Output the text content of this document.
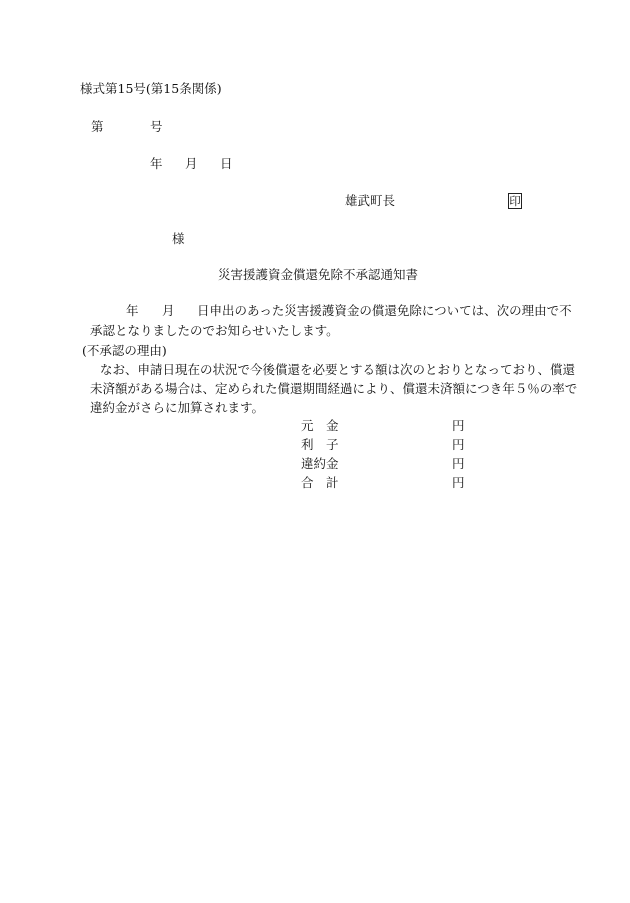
様式第15号(第15条関係)
第	号
年 月 日
雄武町長	印
様
災害援護資金償還免除不承認通知書
年 月 日申出のあった災害援護資金の償還免除については、次の理由で不
承認となりましたのでお知らせいたします。
(不承認の理由)
なお、申請日現在の状況で今後償還を必要とする額は次のとおりとなっており、償還
未済額がある場合は、定められた償還期間経過により、償還未済額につき年５％の率で
違約金がさらに加算されます。
元　金	円
利　子	円
違約金	円
合　計	円
